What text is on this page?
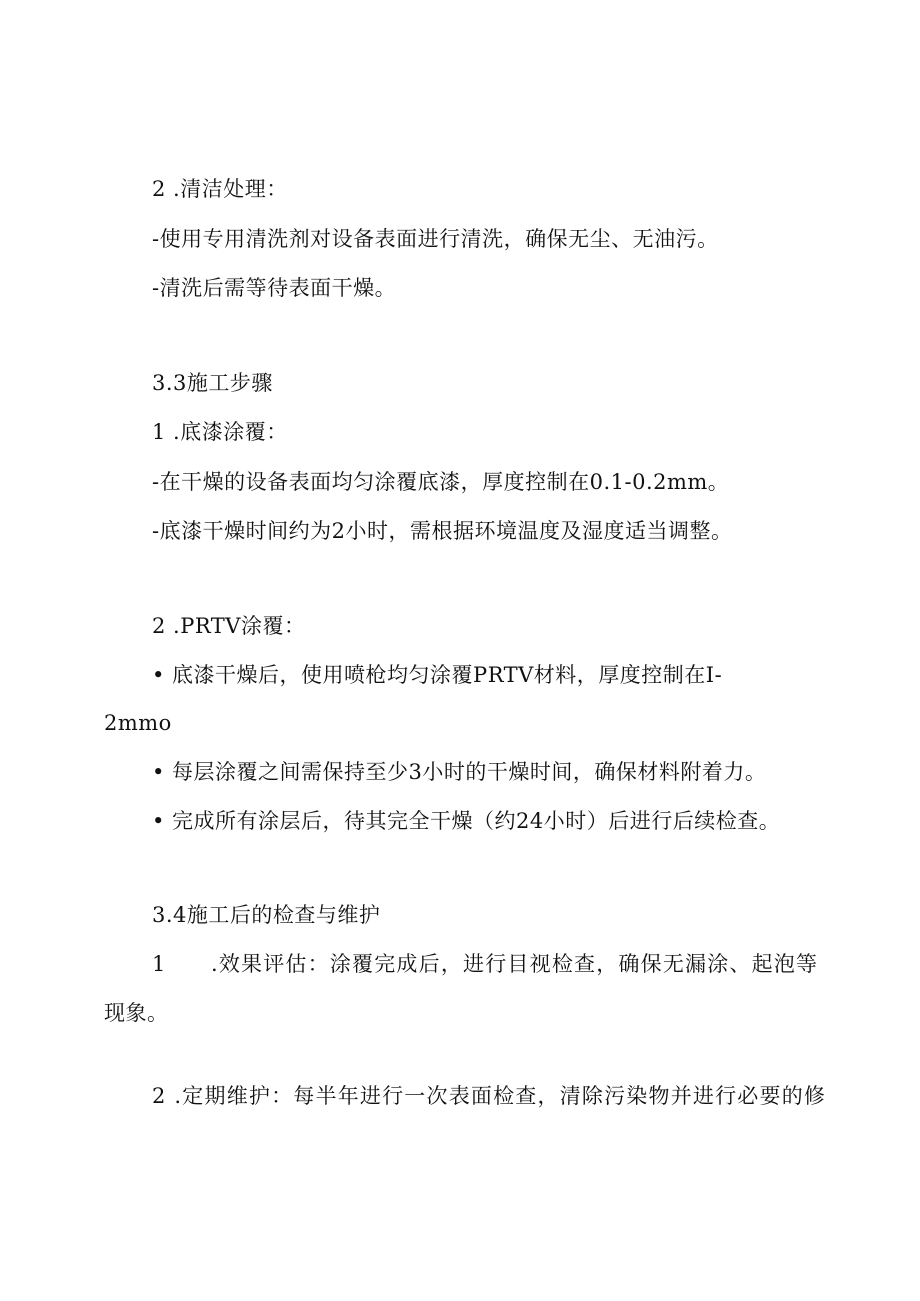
2 .清洁处理：
-使用专用清洗剂对设备表面进行清洗，确保无尘、无油污。
-清洗后需等待表面干燥。
3.3施工步骤
1 .底漆涂覆：
-在干燥的设备表面均匀涂覆底漆，厚度控制在0.1-0.2mm。
-底漆干燥时间约为2小时，需根据环境温度及湿度适当调整。
2 .PRTV涂覆：
• 底漆干燥后，使用喷枪均匀涂覆PRTV材料，厚度控制在I-
2mmo
• 每层涂覆之间需保持至少3小时的干燥时间，确保材料附着力。
• 完成所有涂层后，待其完全干燥（约24小时）后进行后续检查。
3.4施工后的检查与维护
1　　.效果评估：涂覆完成后，进行目视检查，确保无漏涂、起泡等
现象。
2 .定期维护：每半年进行一次表面检查，清除污染物并进行必要的修
